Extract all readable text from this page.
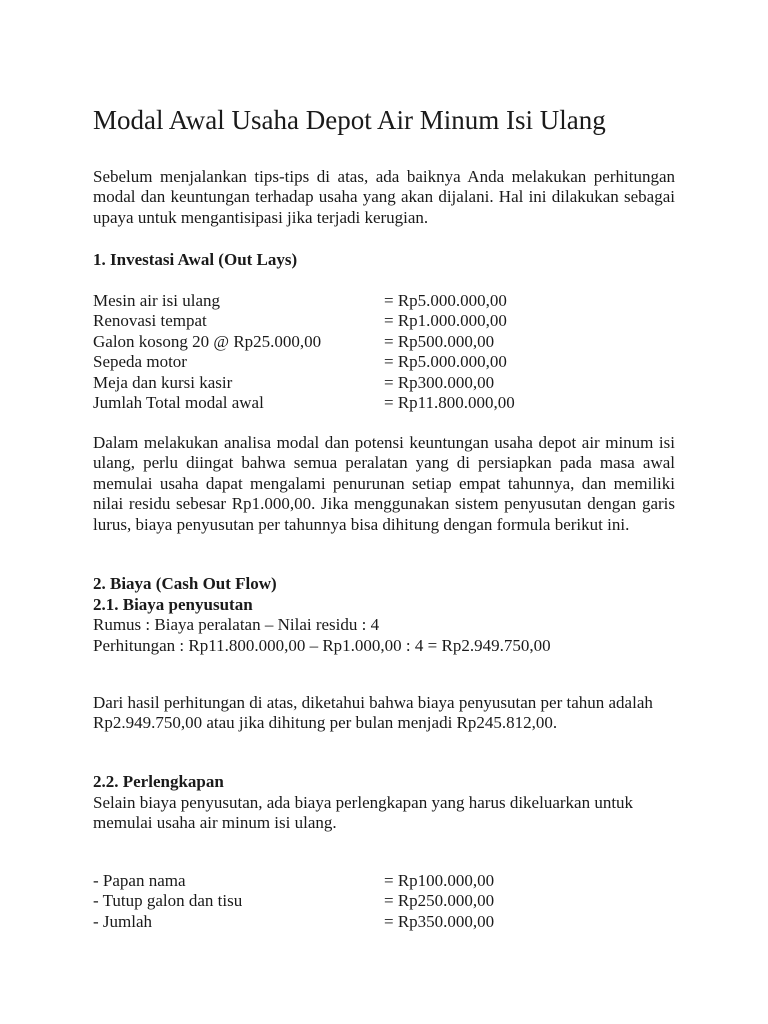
Modal Awal Usaha Depot Air Minum Isi Ulang

Sebelum menjalankan tips-tips di atas, ada baiknya Anda melakukan perhitungan modal dan keuntungan terhadap usaha yang akan dijalani. Hal ini dilakukan sebagai upaya untuk mengantisipasi jika terjadi kerugian.

1. Investasi Awal (Out Lays)

Mesin air isi ulang	= Rp5.000.000,00
Renovasi tempat	= Rp1.000.000,00
Galon kosong 20 @ Rp25.000,00	= Rp500.000,00
Sepeda motor	= Rp5.000.000,00
Meja dan kursi kasir	= Rp300.000,00
Jumlah Total modal awal	= Rp11.800.000,00

Dalam melakukan analisa modal dan potensi keuntungan usaha depot air minum isi ulang, perlu diingat bahwa semua peralatan yang di persiapkan pada masa awal memulai usaha dapat mengalami penurunan setiap empat tahunnya, dan memiliki nilai residu sebesar Rp1.000,00. Jika menggunakan sistem penyusutan dengan garis lurus, biaya penyusutan per tahunnya bisa dihitung dengan formula berikut ini.

2. Biaya (Cash Out Flow)

2.1. Biaya penyusutan

Rumus : Biaya peralatan – Nilai residu : 4

Perhitungan : Rp11.800.000,00 – Rp1.000,00 : 4 = Rp2.949.750,00

Dari hasil perhitungan di atas, diketahui bahwa biaya penyusutan per tahun adalah Rp2.949.750,00 atau jika dihitung per bulan menjadi Rp245.812,00.

2.2. Perlengkapan

Selain biaya penyusutan, ada biaya perlengkapan yang harus dikeluarkan untuk memulai usaha air minum isi ulang.

- Papan nama	= Rp100.000,00
- Tutup galon dan tisu	= Rp250.000,00
- Jumlah	= Rp350.000,00
